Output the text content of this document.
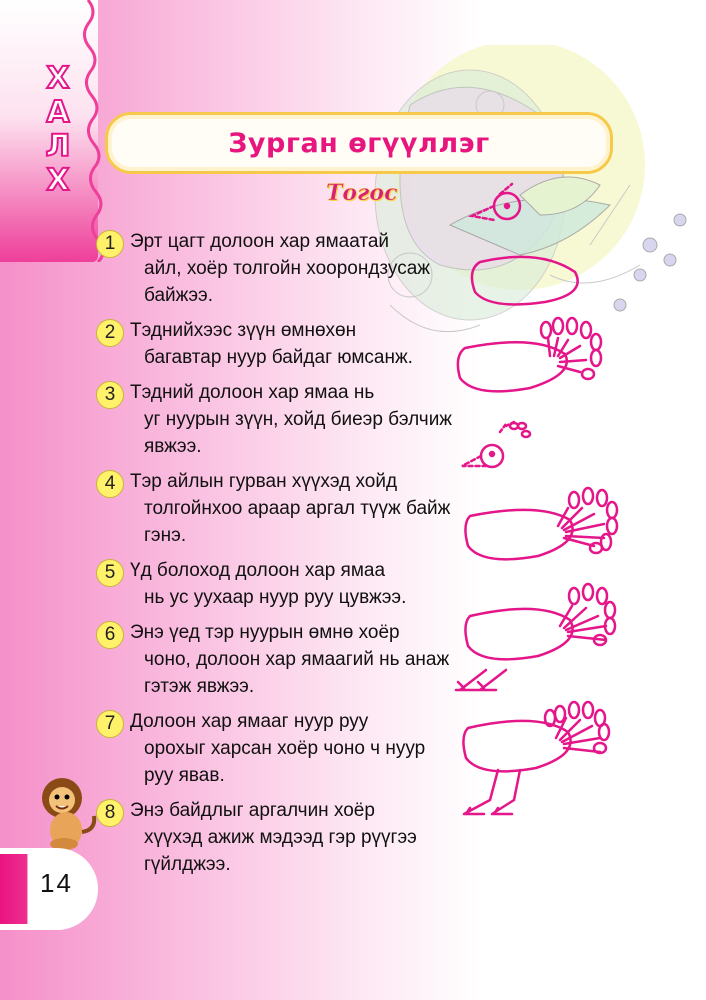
Х
А
Л
Х
Зурган өгүүллэг
Тогос
1 Эрт цагт долоон хар ямаатай
айл, хоёр толгойн хоорондзусаж байжээ.
2 Тэднийхээс зүүн өмнөхөн
багавтар нуур байдаг юмсанж.
3 Тэдний долоон хар ямаа нь
уг нуурын зүүн, хойд биеэр бэлчиж явжээ.
4 Тэр айлын гурван хүүхэд хойд
толгойнхоо араар аргал түүж байж гэнэ.
5 Үд болоход долоон хар ямаа
нь ус уухаар нуур руу цувжээ.
6 Энэ үед тэр нуурын өмнө хоёр
чоно, долоон хар ямаагий нь анаж гэтэж явжээ.
7 Долоон хар ямааг нуур руу
орохыг харсан хоёр чоно ч нуур руу явав.
8 Энэ байдлыг аргалчин хоёр
хүүхэд ажиж мэдээд гэр рүүгээ гүйлджээ.
14
